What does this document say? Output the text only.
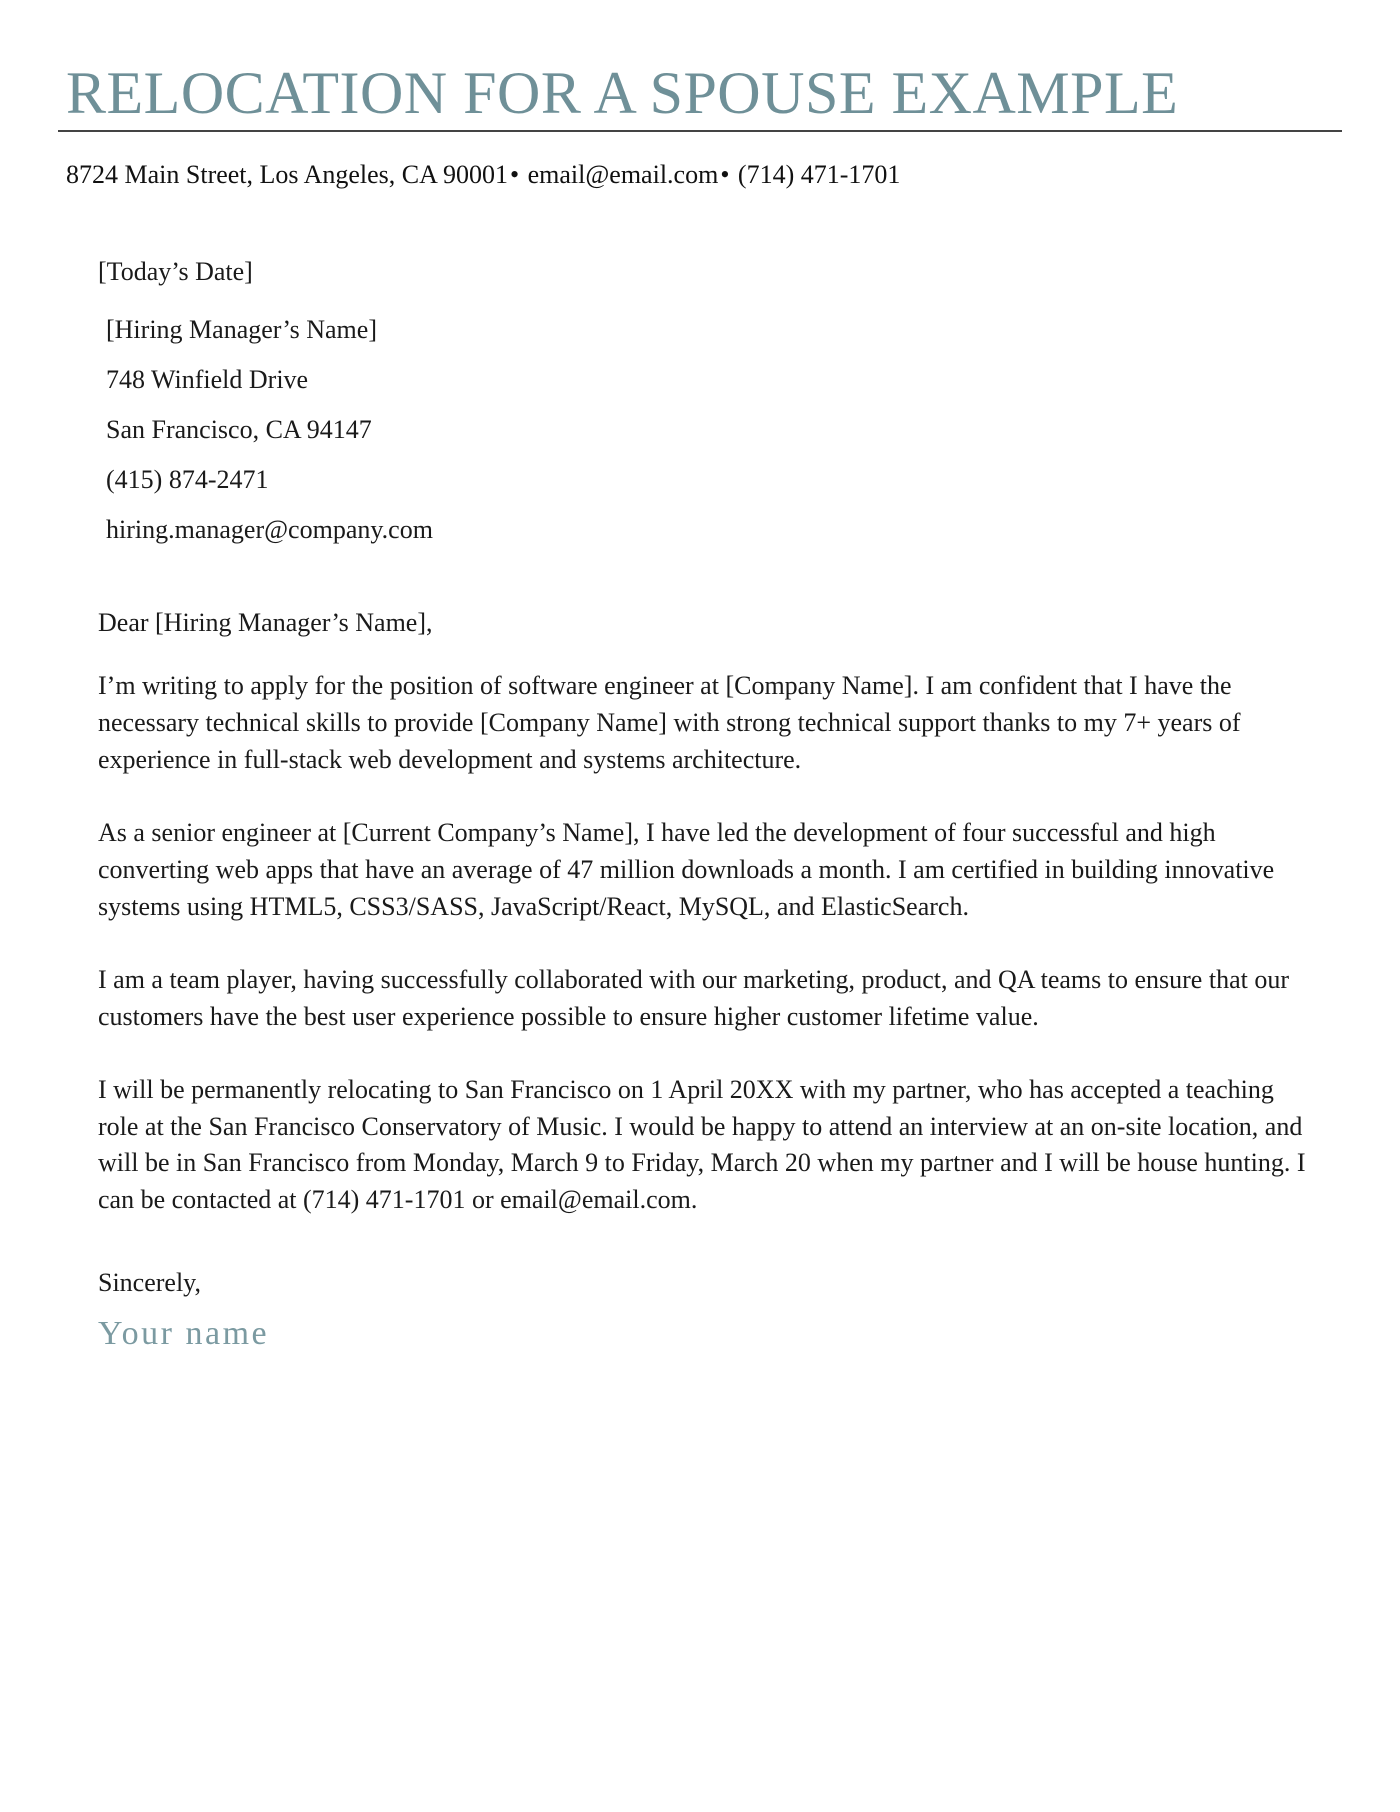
RELOCATION FOR A SPOUSE EXAMPLE
8724 Main Street, Los Angeles, CA 90001• email@email.com• (714) 471-1701

[Today’s Date]

[Hiring Manager’s Name]

748 Winfield Drive

San Francisco, CA 94147

(415) 874-2471

hiring.manager@company.com

Dear [Hiring Manager’s Name],

I’m writing to apply for the position of software engineer at [Company Name]. I am confident that I have the necessary technical skills to provide [Company Name] with strong technical support thanks to my 7+ years of experience in full-stack web development and systems architecture.

As a senior engineer at [Current Company’s Name], I have led the development of four successful and high converting web apps that have an average of 47 million downloads a month. I am certified in building innovative systems using HTML5, CSS3/SASS, JavaScript/React, MySQL, and ElasticSearch.

I am a team player, having successfully collaborated with our marketing, product, and QA teams to ensure that our customers have the best user experience possible to ensure higher customer lifetime value.

I will be permanently relocating to San Francisco on 1 April 20XX with my partner, who has accepted a teaching role at the San Francisco Conservatory of Music. I would be happy to attend an interview at an on-site location, and will be in San Francisco from Monday, March 9 to Friday, March 20 when my partner and I will be house hunting. I can be contacted at (714) 471-1701 or email@email.com.

Sincerely,

Your name
